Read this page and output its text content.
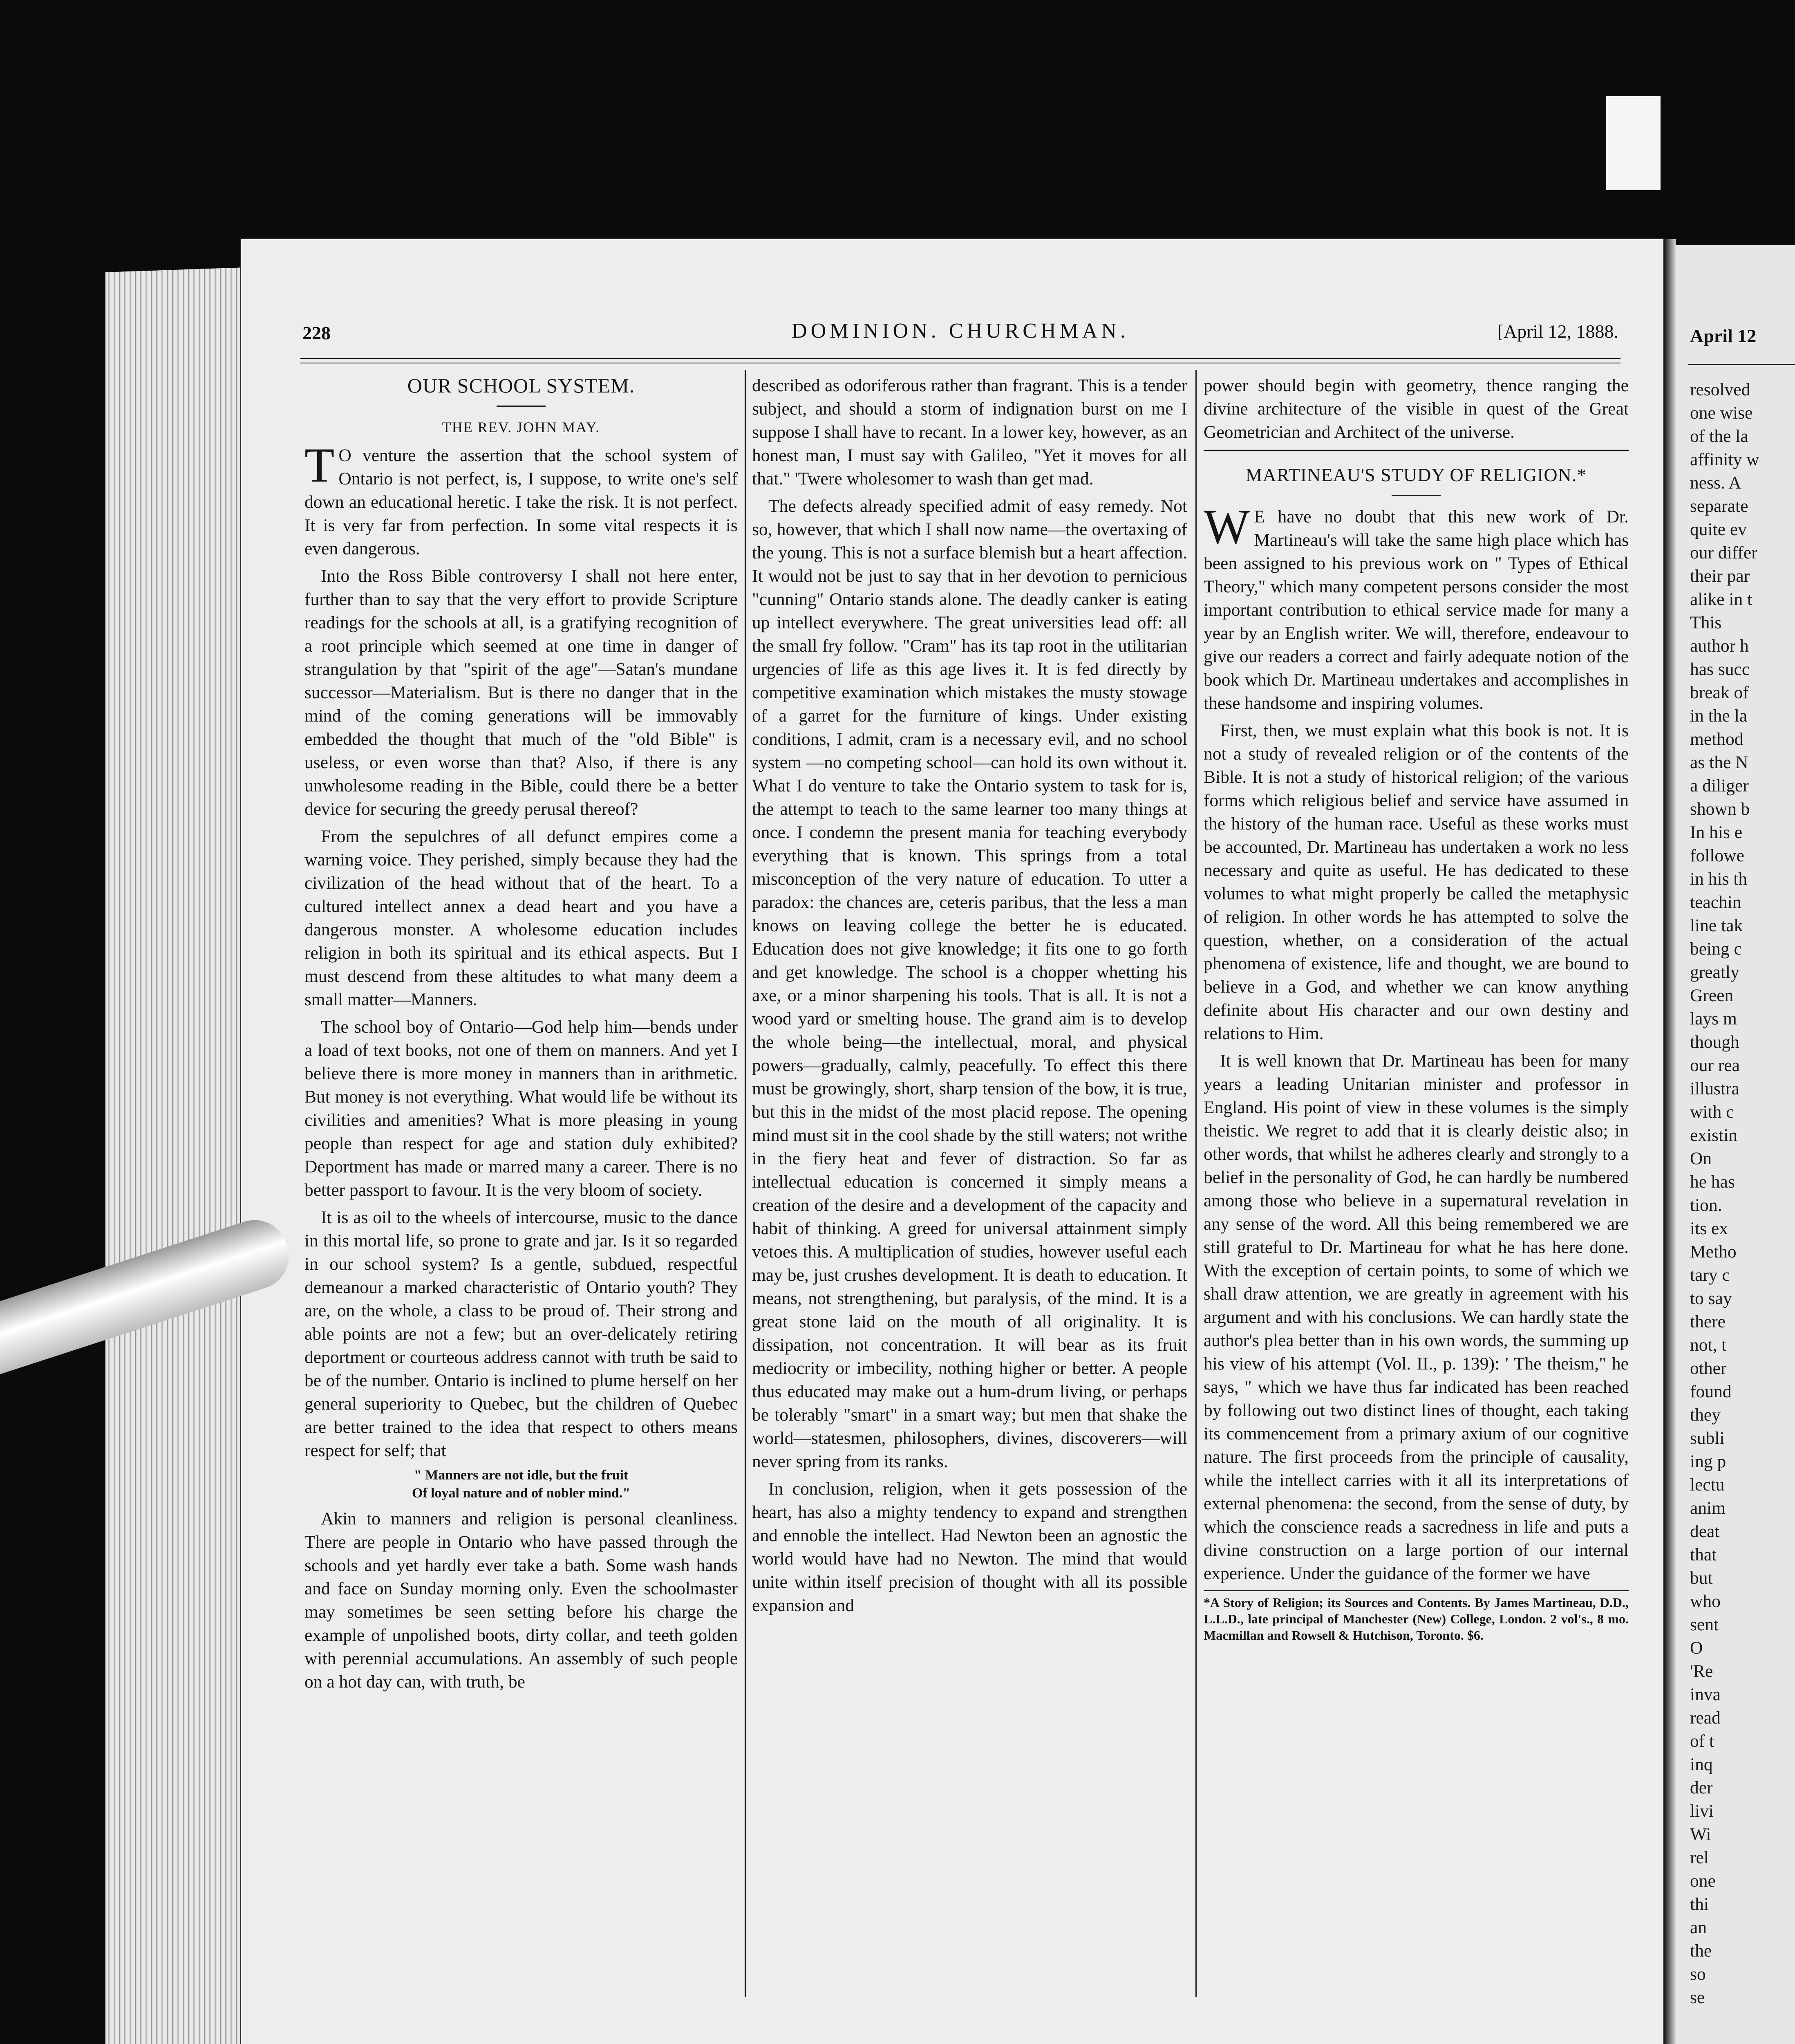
April 12
resolved
one wise
of the la
affinity w
ness. A
separate
quite ev
our differ
their par
alike in t
This
author h
has succ
break of
in the la
method
as the N
a diliger
shown b
In his e
followe
in his th
teachin
line tak
being c
greatly
Green
lays m
though
our rea
illustra
with c
existin
On
he has
tion.
its ex
Metho
tary c
to say
there
not, t
other
found
they
subli
ing p
lectu
anim
deat
that
but
who
sent
O
'Re
inva
read
of t
inq
der
livi
Wi
rel
one
thi
an
the
so
se
228	DOMINION. CHURCHMAN.	[April 12, 1888.
OUR SCHOOL SYSTEM.
THE REV. JOHN MAY.

T O venture the assertion that the school system of Ontario is not perfect, is, I suppose, to write one's self down an educational heretic. I take the risk. It is not perfect. It is very far from perfection. In some vital respects it is even dangerous.

Into the Ross Bible controversy I shall not here enter, further than to say that the very effort to provide Scripture readings for the schools at all, is a gratifying recognition of a root principle which seemed at one time in danger of strangulation by that "spirit of the age"—Satan's mundane successor—Materialism. But is there no danger that in the mind of the coming generations will be immovably embedded the thought that much of the "old Bible" is useless, or even worse than that? Also, if there is any unwholesome reading in the Bible, could there be a better device for securing the greedy perusal thereof?

From the sepulchres of all defunct empires come a warning voice. They perished, simply because they had the civilization of the head without that of the heart. To a cultured intellect annex a dead heart and you have a dangerous monster. A wholesome education includes religion in both its spiritual and its ethical aspects. But I must descend from these altitudes to what many deem a small matter—Manners.

The school boy of Ontario—God help him—bends under a load of text books, not one of them on manners. And yet I believe there is more money in manners than in arithmetic. But money is not everything. What would life be without its civilities and amenities? What is more pleasing in young people than respect for age and station duly exhibited? Deportment has made or marred many a career. There is no better passport to favour. It is the very bloom of society.

It is as oil to the wheels of intercourse, music to the dance in this mortal life, so prone to grate and jar. Is it so regarded in our school system? Is a gentle, subdued, respectful demeanour a marked characteristic of Ontario youth? They are, on the whole, a class to be proud of. Their strong and able points are not a few; but an over-delicately retiring deportment or courteous address cannot with truth be said to be of the number. Ontario is inclined to plume herself on her general superiority to Quebec, but the children of Quebec are better trained to the idea that respect to others means respect for self; that

" Manners are not idle, but the fruit
Of loyal nature and of nobler mind."

Akin to manners and religion is personal cleanliness. There are people in Ontario who have passed through the schools and yet hardly ever take a bath. Some wash hands and face on Sunday morning only. Even the schoolmaster may sometimes be seen setting before his charge the example of unpolished boots, dirty collar, and teeth golden with perennial accumulations. An assembly of such people on a hot day can, with truth, be

described as odoriferous rather than fragrant. This is a tender subject, and should a storm of indignation burst on me I suppose I shall have to recant. In a lower key, however, as an honest man, I must say with Galileo, "Yet it moves for all that." 'Twere wholesomer to wash than get mad.

The defects already specified admit of easy remedy. Not so, however, that which I shall now name—the overtaxing of the young. This is not a surface blemish but a heart affection. It would not be just to say that in her devotion to pernicious "cunning" Ontario stands alone. The deadly canker is eating up intellect everywhere. The great universities lead off: all the small fry follow. "Cram" has its tap root in the utilitarian urgencies of life as this age lives it. It is fed directly by competitive examination which mistakes the musty stowage of a garret for the furniture of kings. Under existing conditions, I admit, cram is a necessary evil, and no school system —no competing school—can hold its own without it. What I do venture to take the Ontario system to task for is, the attempt to teach to the same learner too many things at once. I condemn the present mania for teaching everybody everything that is known. This springs from a total misconception of the very nature of education. To utter a paradox: the chances are, ceteris paribus, that the less a man knows on leaving college the better he is educated. Education does not give knowledge; it fits one to go forth and get knowledge. The school is a chopper whetting his axe, or a minor sharpening his tools. That is all. It is not a wood yard or smelting house. The grand aim is to develop the whole being—the intellectual, moral, and physical powers—gradually, calmly, peacefully. To effect this there must be growingly, short, sharp tension of the bow, it is true, but this in the midst of the most placid repose. The opening mind must sit in the cool shade by the still waters; not writhe in the fiery heat and fever of distraction. So far as intellectual education is concerned it simply means a creation of the desire and a development of the capacity and habit of thinking. A greed for universal attainment simply vetoes this. A multiplication of studies, however useful each may be, just crushes development. It is death to education. It means, not strengthening, but paralysis, of the mind. It is a great stone laid on the mouth of all originality. It is dissipation, not concentration. It will bear as its fruit mediocrity or imbecility, nothing higher or better. A people thus educated may make out a hum-drum living, or perhaps be tolerably "smart" in a smart way; but men that shake the world—statesmen, philosophers, divines, discoverers—will never spring from its ranks.

In conclusion, religion, when it gets possession of the heart, has also a mighty tendency to expand and strengthen and ennoble the intellect. Had Newton been an agnostic the world would have had no Newton. The mind that would unite within itself precision of thought with all its possible expansion and

power should begin with geometry, thence ranging the divine architecture of the visible in quest of the Great Geometrician and Architect of the universe.

MARTINEAU'S STUDY OF RELIGION.*

W E have no doubt that this new work of Dr. Martineau's will take the same high place which has been assigned to his previous work on " Types of Ethical Theory," which many competent persons consider the most important contribution to ethical service made for many a year by an English writer. We will, therefore, endeavour to give our readers a correct and fairly adequate notion of the book which Dr. Martineau undertakes and accomplishes in these handsome and inspiring volumes.

First, then, we must explain what this book is not. It is not a study of revealed religion or of the contents of the Bible. It is not a study of historical religion; of the various forms which religious belief and service have assumed in the history of the human race. Useful as these works must be accounted, Dr. Martineau has undertaken a work no less necessary and quite as useful. He has dedicated to these volumes to what might properly be called the metaphysic of religion. In other words he has attempted to solve the question, whether, on a consideration of the actual phenomena of existence, life and thought, we are bound to believe in a God, and whether we can know anything definite about His character and our own destiny and relations to Him.

It is well known that Dr. Martineau has been for many years a leading Unitarian minister and professor in England. His point of view in these volumes is the simply theistic. We regret to add that it is clearly deistic also; in other words, that whilst he adheres clearly and strongly to a belief in the personality of God, he can hardly be numbered among those who believe in a supernatural revelation in any sense of the word. All this being remembered we are still grateful to Dr. Martineau for what he has here done. With the exception of certain points, to some of which we shall draw attention, we are greatly in agreement with his argument and with his conclusions. We can hardly state the author's plea better than in his own words, the summing up his view of his attempt (Vol. II., p. 139): ' The theism," he says, " which we have thus far indicated has been reached by following out two distinct lines of thought, each taking its commencement from a primary axium of our cognitive nature. The first proceeds from the principle of causality, while the intellect carries with it all its interpretations of external phenomena: the second, from the sense of duty, by which the conscience reads a sacredness in life and puts a divine construction on a large portion of our internal experience. Under the guidance of the former we have

*A Story of Religion; its Sources and Contents. By James Martineau, D.D., L.L.D., late principal of Manchester (New) College, London. 2 vol's., 8 mo. Macmillan and Rowsell & Hutchison, Toronto. $6.
